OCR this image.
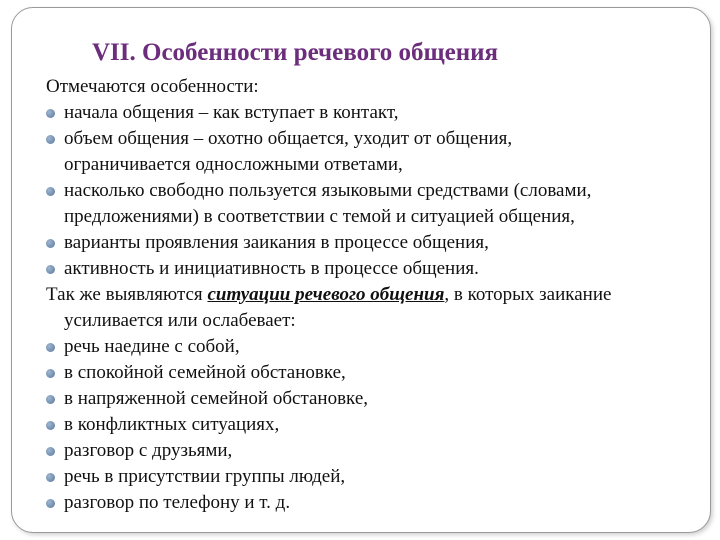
VII. Особенности речевого общения

Отмечаются особенности:

начала общения – как вступает в контакт,
объем общения – охотно общается, уходит от общения,
ограничивается односложными ответами,
насколько свободно пользуется языковыми средствами (словами,
предложениями) в соответствии с темой и ситуацией общения,
варианты проявления заикания в процессе общения,
активность и инициативность в процессе общения.

Так же выявляются ситуации речевого общения, в которых заикание
усиливается или ослабевает:

речь наедине с собой,
в спокойной семейной обстановке,
в напряженной семейной обстановке,
в конфликтных ситуациях,
разговор с друзьями,
речь в присутствии группы людей,
разговор по телефону и т. д.
